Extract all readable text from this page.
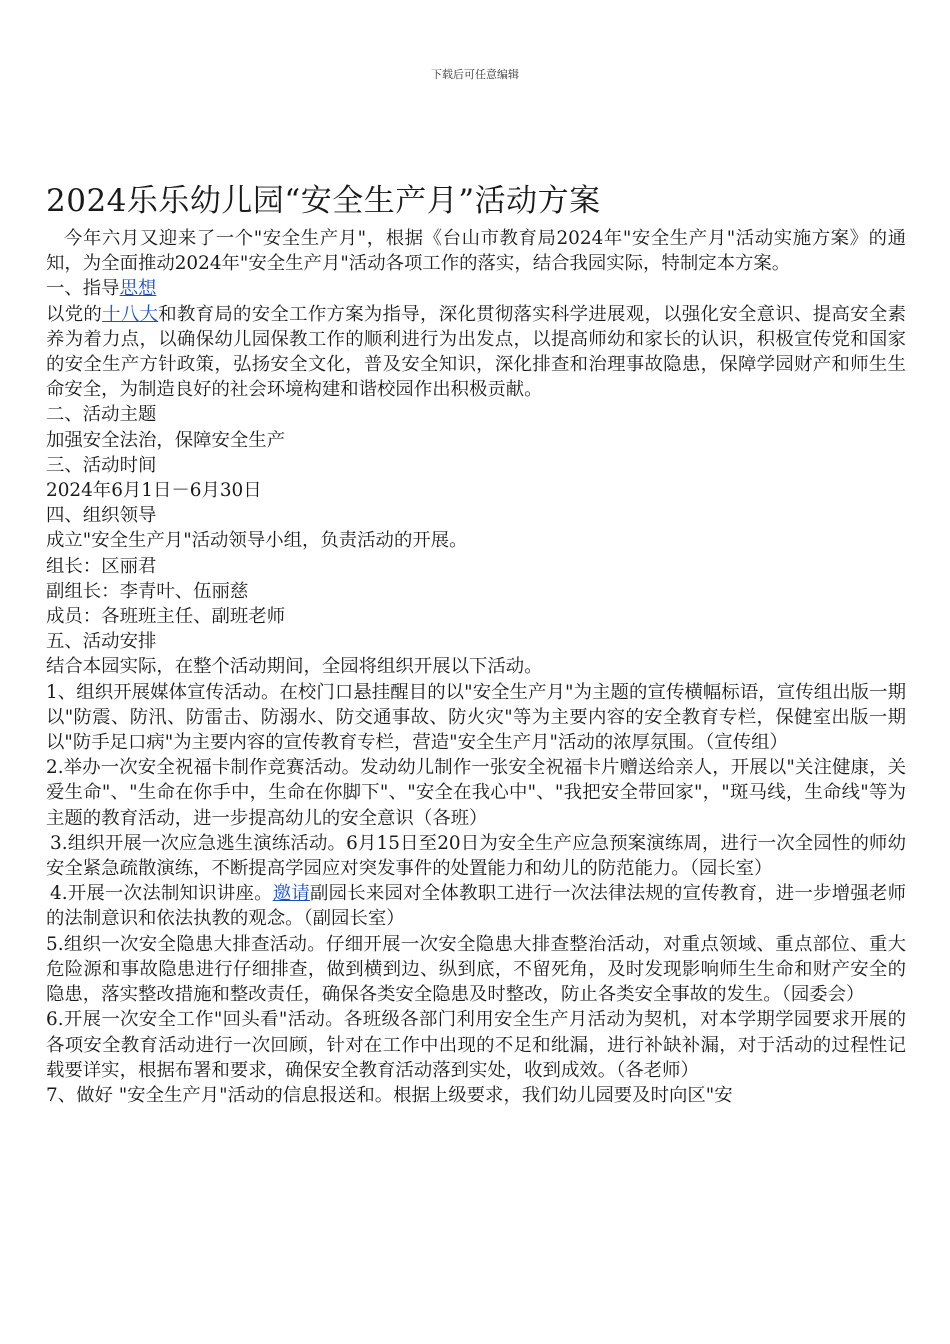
下载后可任意编辑
2024乐乐幼儿园“安全生产月”活动方案

今年六月又迎来了一个"安全生产月"，根据《台山市教育局2024年"安全生产月"活动实施方案》的通知，为全面推动2024年"安全生产月"活动各项工作的落实，结合我园实际，特制定本方案。

一、指导思想

以党的十八大和教育局的安全工作方案为指导，深化贯彻落实科学进展观，以强化安全意识、提高安全素养为着力点，以确保幼儿园保教工作的顺利进行为出发点，以提高师幼和家长的认识，积极宣传党和国家的安全生产方针政策，弘扬安全文化，普及安全知识，深化排查和治理事故隐患，保障学园财产和师生生命安全，为制造良好的社会环境构建和谐校园作出积极贡献。

二、活动主题

加强安全法治，保障安全生产

三、活动时间

2024年6月1日－6月30日

四、组织领导

成立"安全生产月"活动领导小组，负责活动的开展。

组长：区丽君

副组长：李青叶、伍丽慈

成员：各班班主任、副班老师

五、活动安排

结合本园实际，在整个活动期间，全园将组织开展以下活动。

1、组织开展媒体宣传活动。在校门口悬挂醒目的以"安全生产月"为主题的宣传横幅标语，宣传组出版一期以"防震、防汛、防雷击、防溺水、防交通事故、防火灾"等为主要内容的安全教育专栏，保健室出版一期以"防手足口病"为主要内容的宣传教育专栏，营造"安全生产月"活动的浓厚氛围。（宣传组）

2.举办一次安全祝福卡制作竞赛活动。发动幼儿制作一张安全祝福卡片赠送给亲人，开展以"关注健康，关爱生命"、"生命在你手中，生命在你脚下"、"安全在我心中"、"我把安全带回家"，"斑马线，生命线"等为主题的教育活动，进一步提高幼儿的安全意识（各班）

3.组织开展一次应急逃生演练活动。6月15日至20日为安全生产应急预案演练周，进行一次全园性的师幼安全紧急疏散演练，不断提高学园应对突发事件的处置能力和幼儿的防范能力。（园长室）

4.开展一次法制知识讲座。邀请副园长来园对全体教职工进行一次法律法规的宣传教育，进一步增强老师的法制意识和依法执教的观念。（副园长室）

5.组织一次安全隐患大排查活动。仔细开展一次安全隐患大排查整治活动，对重点领域、重点部位、重大危险源和事故隐患进行仔细排查，做到横到边、纵到底，不留死角，及时发现影响师生生命和财产安全的隐患，落实整改措施和整改责任，确保各类安全隐患及时整改，防止各类安全事故的发生。（园委会）

6.开展一次安全工作"回头看"活动。各班级各部门利用安全生产月活动为契机，对本学期学园要求开展的各项安全教育活动进行一次回顾，针对在工作中出现的不足和纰漏，进行补缺补漏，对于活动的过程性记载要详实，根据布署和要求，确保安全教育活动落到实处，收到成效。（各老师）

7、做好 "安全生产月"活动的信息报送和。根据上级要求，我们幼儿园要及时向区"安
